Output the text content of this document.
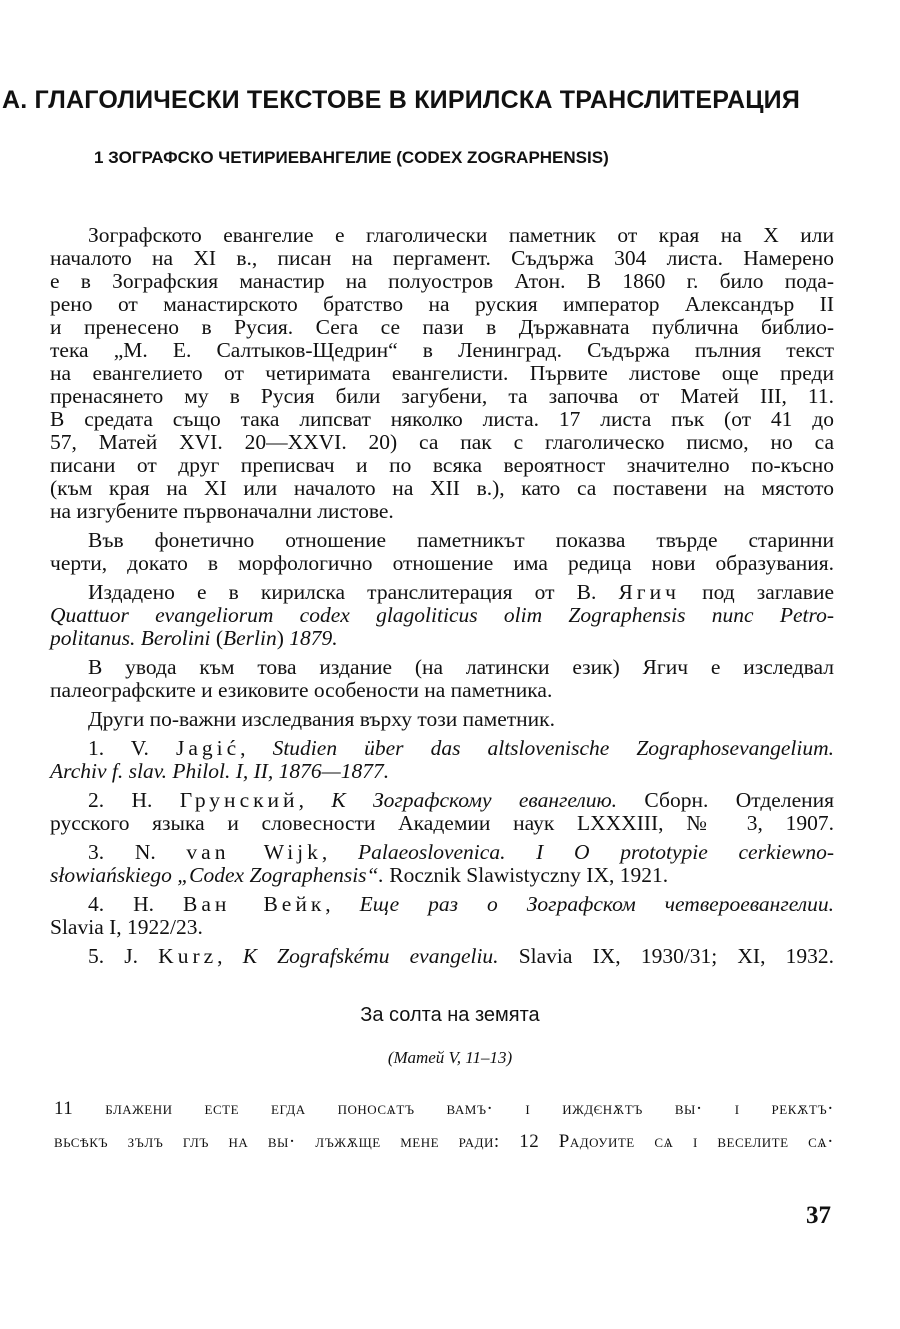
А. ГЛАГОЛИЧЕСКИ ТЕКСТОВЕ В КИРИЛСКА ТРАНСЛИТЕРАЦИЯ
1 ЗОГРАФСКО ЧЕТИРИЕВАНГЕЛИЕ (CODEX ZOGRAPHENSIS)
Зографското евангелие е глаголически паметник от края на X или
началото на XI в., писан на пергамент. Съдържа 304 листа. Намерено
е в Зографския манастир на полуостров Атон. В 1860 г. било пода-
рено от манастирското братство на руския император Александър II
и пренесено в Русия. Сега се пази в Държавната публична библио-
тека „М. Е. Салтыков-Щедрин“ в Ленинград. Съдържа пълния текст
на евангелието от четиримата евангелисти. Първите листове още преди
пренасянето му в Русия били загубени, та започва от Матей III, 11.
В средата също така липсват няколко листа. 17 листа пък (от 41 до
57, Матей XVI. 20—XXVI. 20) са пак с глаголическо писмо, но са
писани от друг преписвач и по всяка вероятност значително по-късно
(към края на XI или началото на XII в.), като са поставени на мястото
на изгубените първоначални листове.
Във фонетично отношение паметникът показва твърде старинни
черти, докато в морфологично отношение има редица нови образувания.
Издадено е в кирилска транслитерация от В. Ягич под заглавие
Quattuor evangeliorum codex glagoliticus olim Zographensis nunc Petro-
politanus. Berolini (Berlin) 1879.
В увода към това издание (на латински език) Ягич е изследвал
палеографските и езиковите особености на паметника.
Други по-важни изследвания върху този паметник.
1. V. Jagić, Studien über das altslovenische Zographosevangelium.
Archiv f. slav. Philol. I, II, 1876—1877.
2. Н. Грунский, К Зографскому евангелию. Сборн. Отделения
русского языка и словесности Академии наук LXXXIII, № 3, 1907.
3. N. van Wijk, Palaeoslovenica. I O prototypie cerkiewno-
słowiańskiego „Codex Zographensis“. Rocznik Slawistyczny IX, 1921.
4. Н. Ван Вейк, Еще раз о Зографском четвероевангелии.
Slavia I, 1922/23.
5. J. Kurz, K Zografskému evangeliu. Slavia IX, 1930/31; XI, 1932.
За солта на земята
(Матей V, 11–13)
11 блажени есте егда поносѧтъ вамъ· і иждєнѫтъ вы· і рекѫтъ·
вьсѣкъ зълъ глъ на вы· лъжѫще мене ради: 12 Радоуите сѧ і веселите сѧ·
37
